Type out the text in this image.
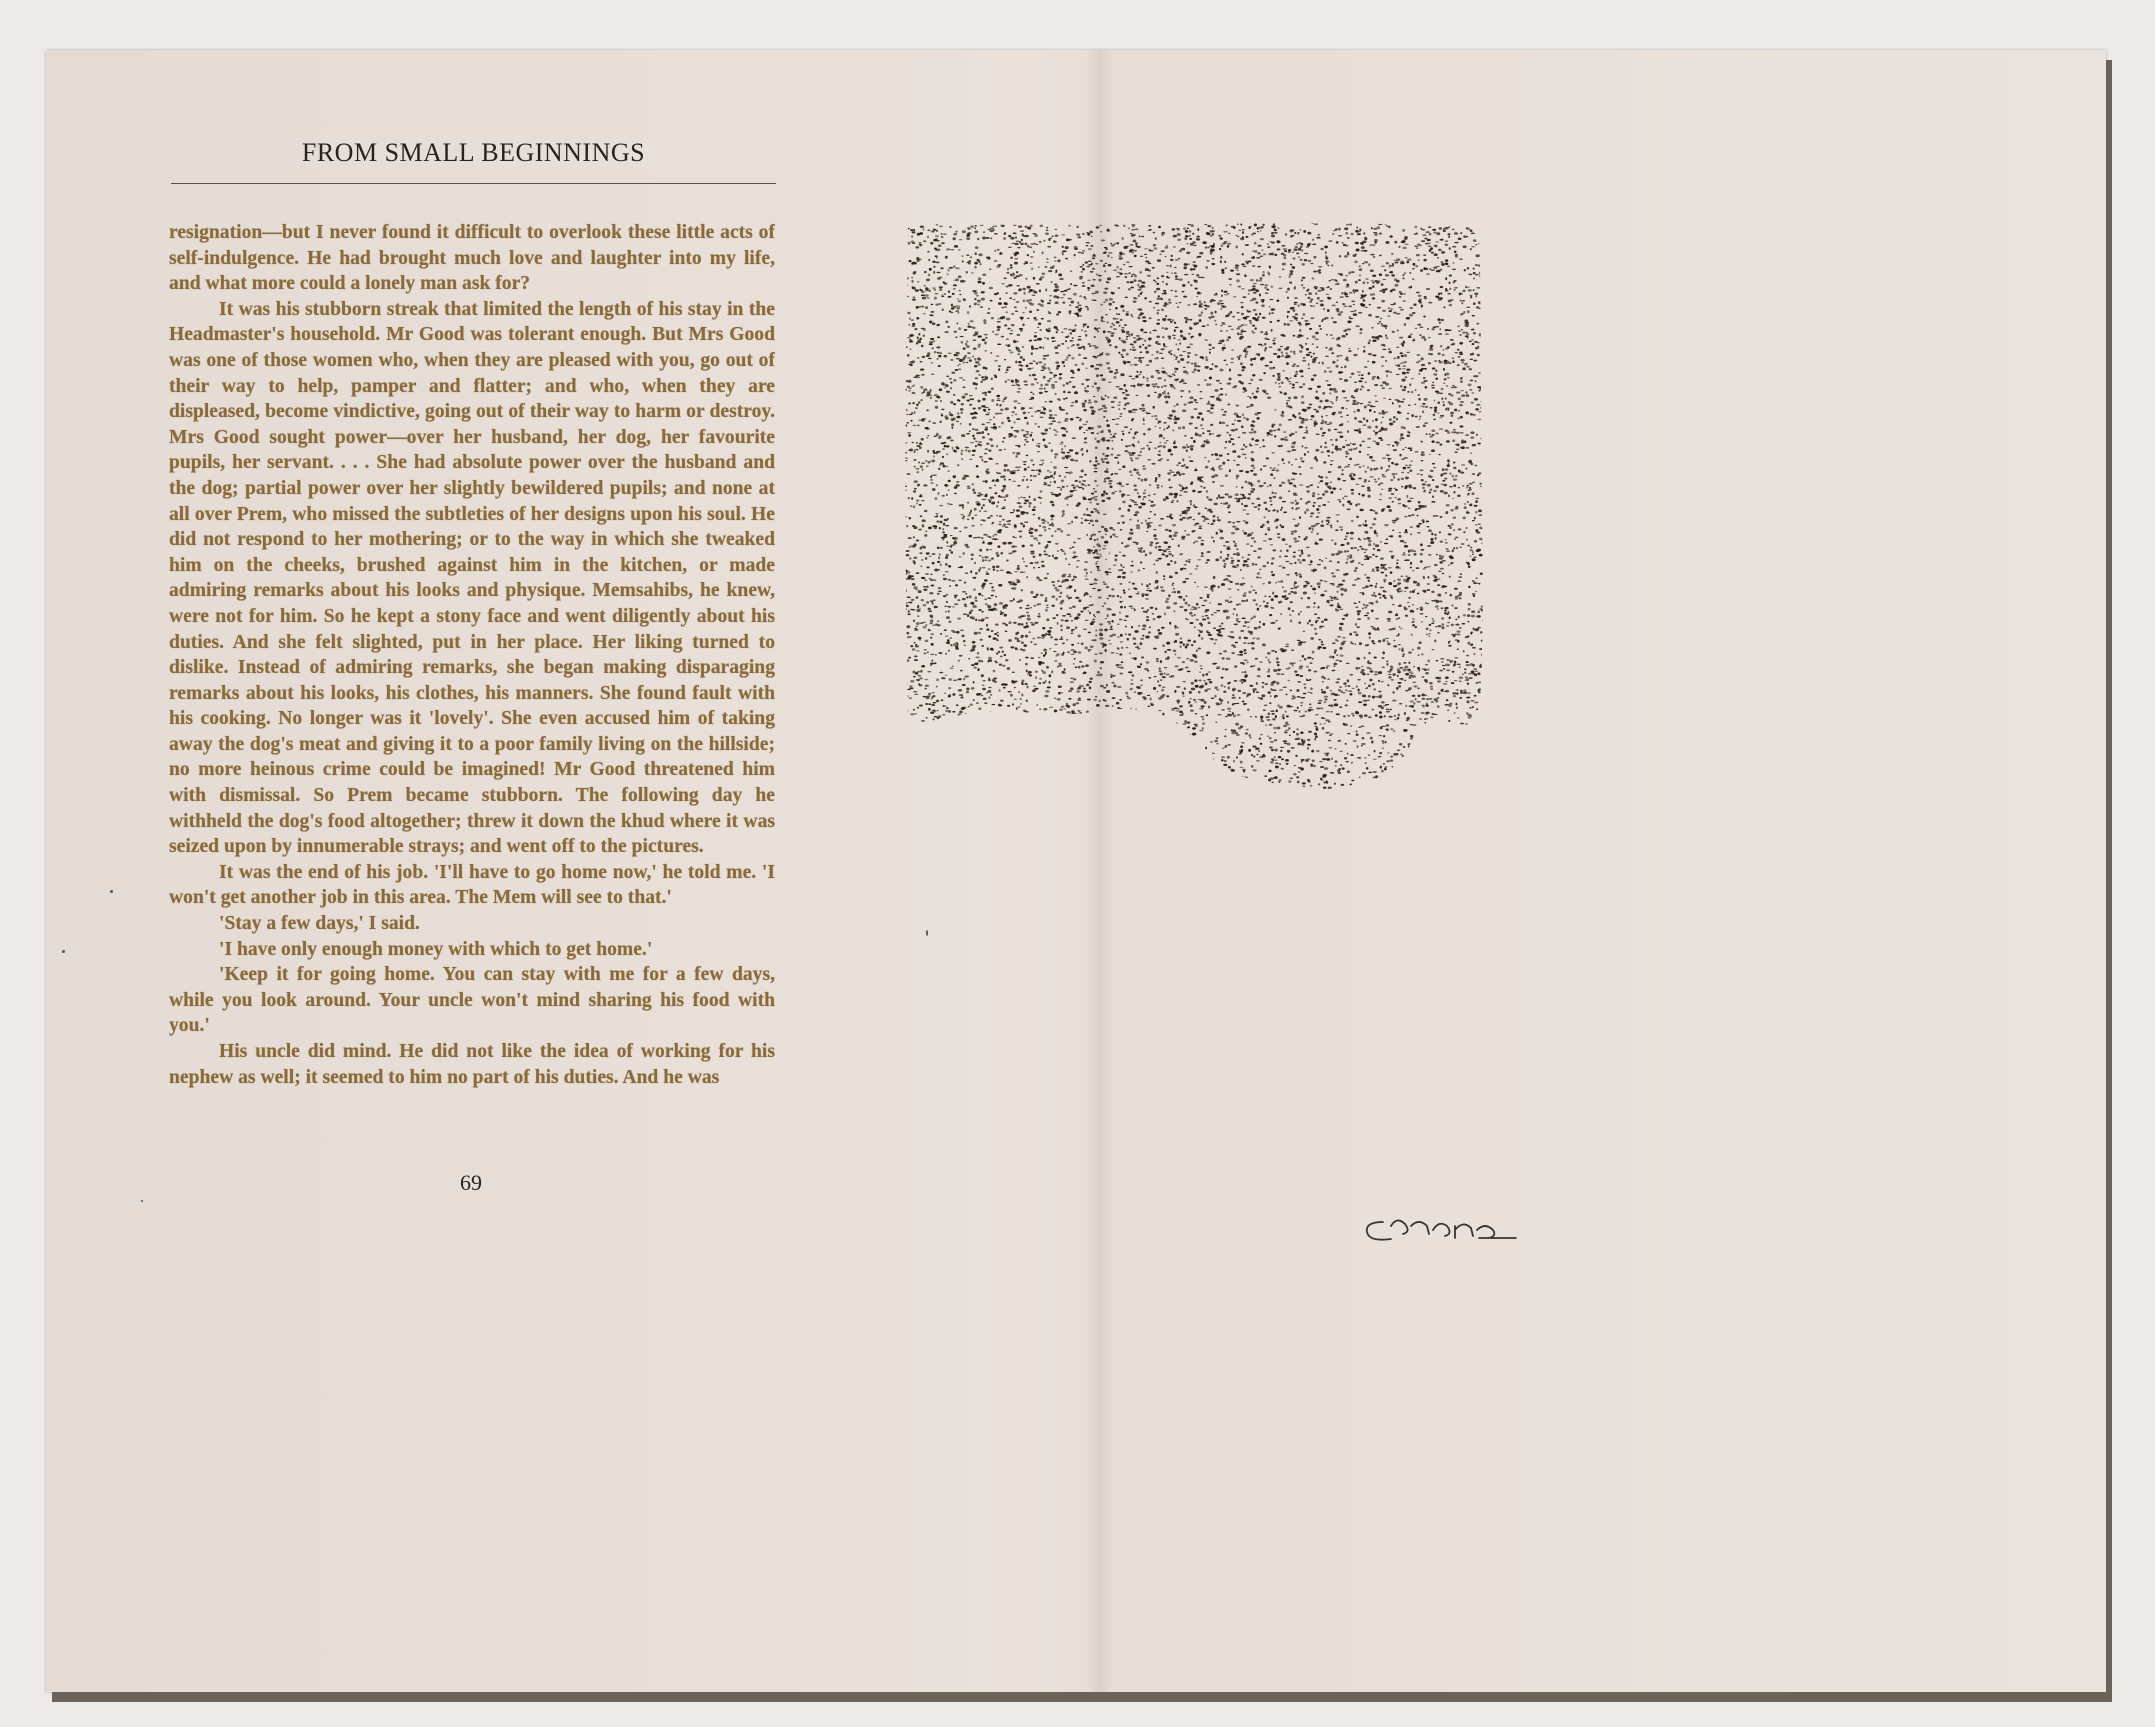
FROM SMALL BEGINNINGS

resignation—but I never found it difficult to overlook these little acts of self-indulgence. He had brought much love and laughter into my life, and what more could a lonely man ask for?

It was his stubborn streak that limited the length of his stay in the Headmaster's household. Mr Good was tolerant enough. But Mrs Good was one of those women who, when they are pleased with you, go out of their way to help, pamper and flatter; and who, when they are displeased, become vindictive, going out of their way to harm or destroy. Mrs Good sought power—over her husband, her dog, her favourite pupils, her servant. . . . She had absolute power over the husband and the dog; partial power over her slightly bewildered pupils; and none at all over Prem, who missed the subtleties of her designs upon his soul. He did not respond to her mothering; or to the way in which she tweaked him on the cheeks, brushed against him in the kitchen, or made admiring remarks about his looks and physique. Memsahibs, he knew, were not for him. So he kept a stony face and went diligently about his duties. And she felt slighted, put in her place. Her liking turned to dislike. Instead of admiring remarks, she began making disparaging remarks about his looks, his clothes, his manners. She found fault with his cooking. No longer was it 'lovely'. She even accused him of taking away the dog's meat and giving it to a poor family living on the hillside; no more heinous crime could be imagined! Mr Good threatened him with dismissal. So Prem became stubborn. The following day he withheld the dog's food altogether; threw it down the khud where it was seized upon by innumerable strays; and went off to the pictures.

It was the end of his job. 'I'll have to go home now,' he told me. 'I won't get another job in this area. The Mem will see to that.'

'Stay a few days,' I said.

'I have only enough money with which to get home.'

'Keep it for going home. You can stay with me for a few days, while you look around. Your uncle won't mind sharing his food with you.'

His uncle did mind. He did not like the idea of working for his nephew as well; it seemed to him no part of his duties. And he was

69
